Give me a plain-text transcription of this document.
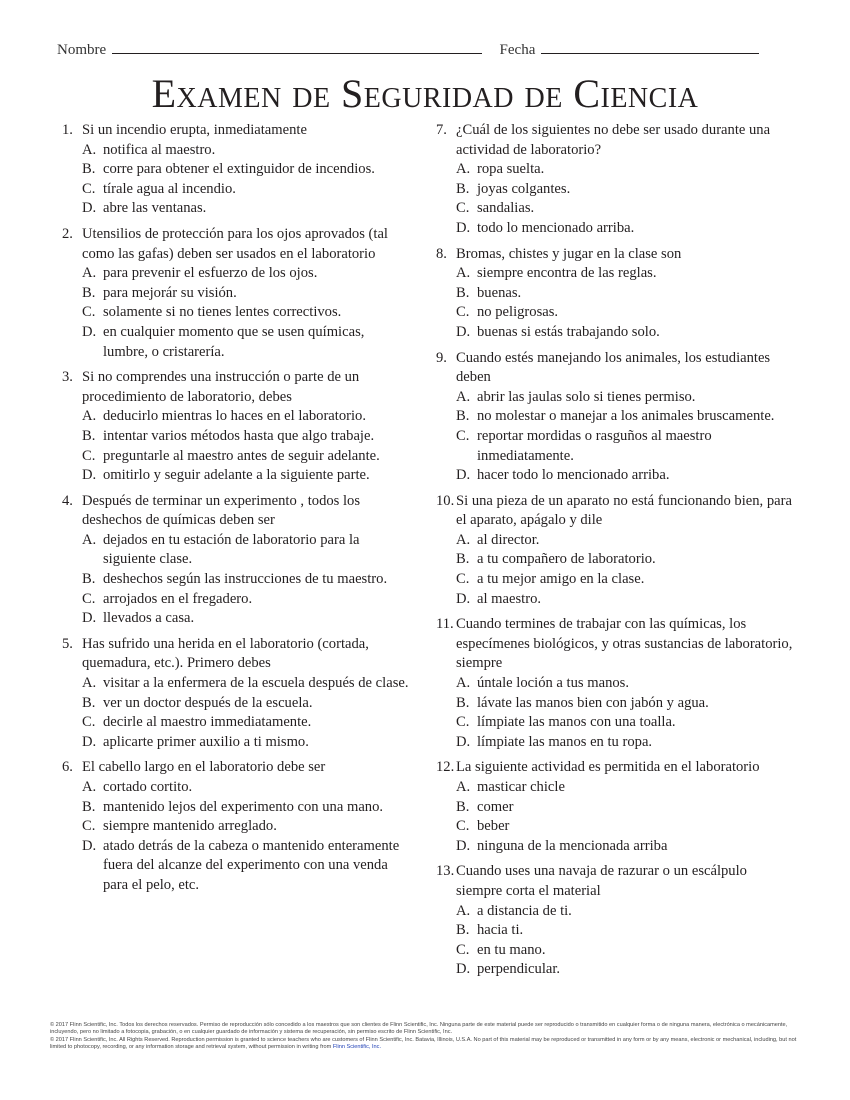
Nombre	Fecha
Examen de Seguridad de Ciencia
1. Si un incendio erupta, inmediatamente
A. notifica al maestro.
B. corre para obtener el extinguidor de incendios.
C. tírale agua al incendio.
D. abre las ventanas.
2. Utensilios de protección para los ojos aprovados (tal como las gafas) deben ser usados en el laboratorio
A. para prevenir el esfuerzo de los ojos.
B. para mejorár su visión.
C. solamente si no tienes lentes correctivos.
D. en cualquier momento que se usen químicas, lumbre, o cristarería.
3. Si no comprendes una instrucción o parte de un procedimiento de laboratorio, debes
A. deducirlo mientras lo haces en el laboratorio.
B. intentar varios métodos hasta que algo trabaje.
C. preguntarle al maestro antes de seguir adelante.
D. omitirlo y seguir adelante a la siguiente parte.
4. Después de terminar un experimento , todos los deshechos de químicas deben ser
A. dejados en tu estación de laboratorio para la siguiente clase.
B. deshechos según las instrucciones de tu maestro.
C. arrojados en el fregadero.
D. llevados a casa.
5. Has sufrido una herida en el laboratorio (cortada, quemadura, etc.). Primero debes
A. visitar a la enfermera de la escuela después de clase.
B. ver un doctor después de la escuela.
C. decirle al maestro immediatamente.
D. aplicarte primer auxilio a ti mismo.
6. El cabello largo en el laboratorio debe ser
A. cortado cortito.
B. mantenido lejos del experimento con una mano.
C. siempre mantenido arreglado.
D. atado detrás de la cabeza o mantenido enteramente fuera del alcanze del experimento con una venda para el pelo, etc.
7. ¿Cuál de los siguientes no debe ser usado durante una actividad de laboratorio?
A. ropa suelta.
B. joyas colgantes.
C. sandalias.
D. todo lo mencionado arriba.
8. Bromas, chistes y jugar en la clase son
A. siempre encontra de las reglas.
B. buenas.
C. no peligrosas.
D. buenas si estás trabajando solo.
9. Cuando estés manejando los animales, los estudiantes deben
A. abrir las jaulas solo si tienes permiso.
B. no molestar o manejar a los animales bruscamente.
C. reportar mordidas o rasguños al maestro inmediatamente.
D. hacer todo lo mencionado arriba.
10. Si una pieza de un aparato no está funcionando bien, para el aparato, apágalo y dile
A. al director.
B. a tu compañero de laboratorio.
C. a tu mejor amigo en la clase.
D. al maestro.
11. Cuando termines de trabajar con las químicas, los especímenes biológicos, y otras sustancias de laboratorio, siempre
A. úntale loción a tus manos.
B. lávate las manos bien con jabón y agua.
C. límpiate las manos con una toalla.
D. límpiate las manos en tu ropa.
12. La siguiente actividad es permitida en el laboratorio
A. masticar chicle
B. comer
C. beber
D. ninguna de la mencionada arriba
13. Cuando uses una navaja de razurar o un escálpulo siempre corta el material
A. a distancia de ti.
B. hacia ti.
C. en tu mano.
D. perpendicular.

© 2017 Flinn Scientific, Inc. Todos los derechos reservados. Permiso de reproducción sólo concedido a los maestros que son clientes de Flinn Scientific, Inc. Ninguna parte de este material puede ser reproducido o transmitido en cualquier forma o de ninguna manera, electrónica o mecánicamente, incluyendo, pero no limitado a fotocopia, grabación, o en cualquier guardado de información y sistema de recuperación, sin permiso escrito de Flinn Scientific, Inc.

© 2017 Flinn Scientific, Inc. All Rights Reserved. Reproduction permission is granted to science teachers who are customers of Flinn Scientific, Inc. Batavia, Illinois, U.S.A. No part of this material may be reproduced or transmitted in any form or by any means, electronic or mechanical, including, but not limited to photocopy, recording, or any information storage and retrieval system, without permission in writing from Flinn Scientific, Inc.
